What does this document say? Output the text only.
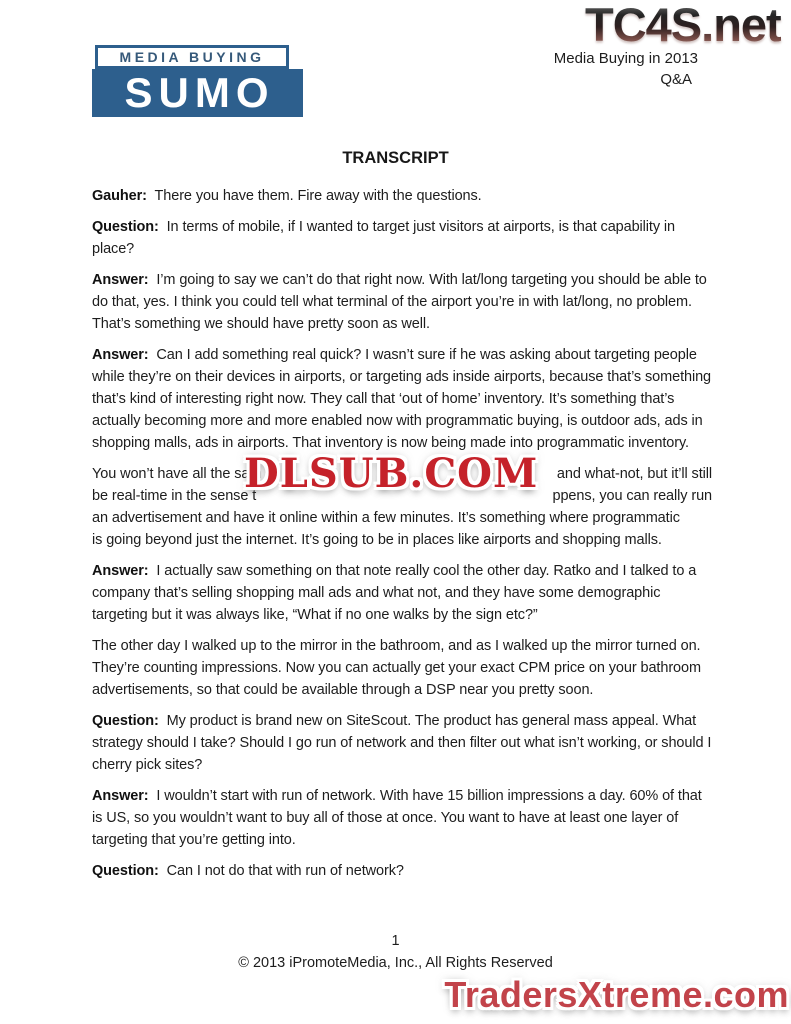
MEDIA BUYING
SUMO
TC4S.net
Media Buying in 2013
Q&A
TRANSCRIPT

Gauher: There you have them. Fire away with the questions.

Question: In terms of mobile, if I wanted to target just visitors at airports, is that capability in place?

Answer: I’m going to say we can’t do that right now. With lat/long targeting you should be able to do that, yes. I think you could tell what terminal of the airport you’re in with lat/long, no problem. That’s something we should have pretty soon as well.

Answer: Can I add something real quick? I wasn’t sure if he was asking about targeting people while they’re on their devices in airports, or targeting ads inside airports, because that’s something that’s kind of interesting right now. They call that ‘out of home’ inventory. It’s something that’s actually becoming more and more enabled now with programmatic buying, is outdoor ads, ads in shopping malls, ads in airports. That inventory is now being made into programmatic inventory.

You won’t have all the sam	and what-not, but it’ll still
be real-time in the sense t	ppens, you can really run
an advertisement and have it online within a few minutes. It’s something where programmatic
is going beyond just the internet. It’s going to be in places like airports and shopping malls.
DLSUB.COM

Answer: I actually saw something on that note really cool the other day. Ratko and I talked to a company that’s selling shopping mall ads and what not, and they have some demographic targeting but it was always like, “What if no one walks by the sign etc?”

The other day I walked up to the mirror in the bathroom, and as I walked up the mirror turned on. They’re counting impressions. Now you can actually get your exact CPM price on your bathroom advertisements, so that could be available through a DSP near you pretty soon.

Question: My product is brand new on SiteScout. The product has general mass appeal. What strategy should I take? Should I go run of network and then filter out what isn’t working, or should I cherry pick sites?

Answer: I wouldn’t start with run of network. With have 15 billion impressions a day. 60% of that is US, so you wouldn’t want to buy all of those at once. You want to have at least one layer of targeting that you’re getting into.

Question: Can I not do that with run of network?

TradersXtreme.com
1
© 2013 iPromoteMedia, Inc., All Rights Reserved
